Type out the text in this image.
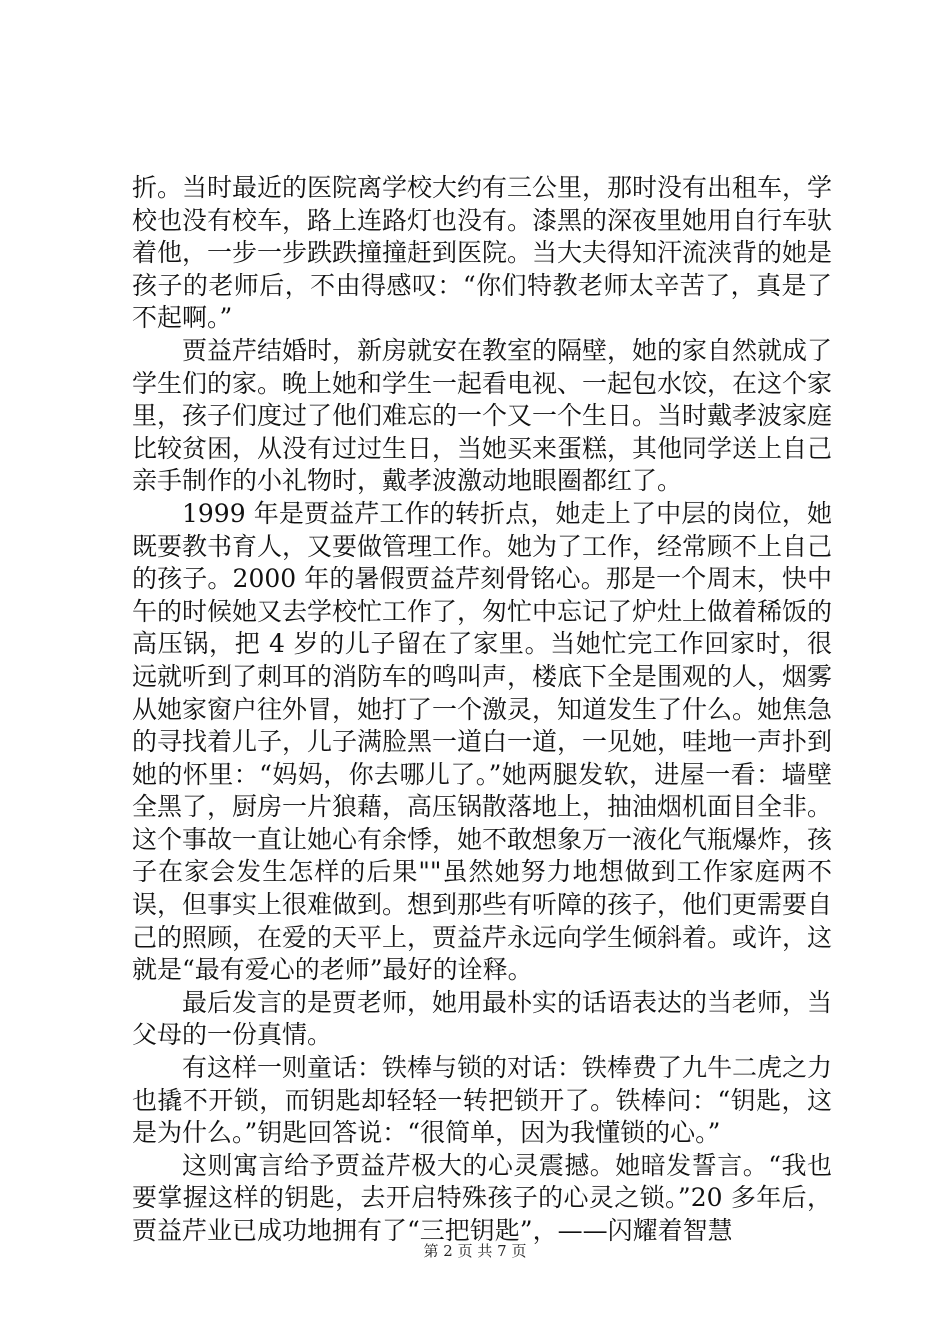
折。当时最近的医院离学校大约有三公里，那时没有出租车，学校也没有校车，路上连路灯也没有。漆黑的深夜里她用自行车驮着他，一步一步跌跌撞撞赶到医院。当大夫得知汗流浃背的她是孩子的老师后，不由得感叹：“你们特教老师太辛苦了，真是了不起啊。”

贾益芹结婚时，新房就安在教室的隔壁，她的家自然就成了学生们的家。晚上她和学生一起看电视、一起包水饺，在这个家里，孩子们度过了他们难忘的一个又一个生日。当时戴孝波家庭比较贫困，从没有过过生日，当她买来蛋糕，其他同学送上自己亲手制作的小礼物时，戴孝波激动地眼圈都红了。

1999 年是贾益芹工作的转折点，她走上了中层的岗位，她既要教书育人，又要做管理工作。她为了工作，经常顾不上自己的孩子。2000 年的暑假贾益芹刻骨铭心。那是一个周末，快中午的时候她又去学校忙工作了，匆忙中忘记了炉灶上做着稀饭的高压锅，把 4 岁的儿子留在了家里。当她忙完工作回家时，很远就听到了刺耳的消防车的鸣叫声，楼底下全是围观的人，烟雾从她家窗户往外冒，她打了一个激灵，知道发生了什么。她焦急的寻找着儿子，儿子满脸黑一道白一道，一见她，哇地一声扑到她的怀里：“妈妈，你去哪儿了。”她两腿发软，进屋一看：墙壁全黑了，厨房一片狼藉，高压锅散落地上，抽油烟机面目全非。这个事故一直让她心有余悸，她不敢想象万一液化气瓶爆炸，孩子在家会发生怎样的后果""虽然她努力地想做到工作家庭两不误，但事实上很难做到。想到那些有听障的孩子，他们更需要自己的照顾，在爱的天平上，贾益芹永远向学生倾斜着。或许，这就是“最有爱心的老师”最好的诠释。

最后发言的是贾老师，她用最朴实的话语表达的当老师，当父母的一份真情。

有这样一则童话：铁棒与锁的对话：铁棒费了九牛二虎之力也撬不开锁，而钥匙却轻轻一转把锁开了。铁棒问：“钥匙，这是为什么。”钥匙回答说：“很简单，因为我懂锁的心。”

这则寓言给予贾益芹极大的心灵震撼。她暗发誓言。“我也要掌握这样的钥匙，去开启特殊孩子的心灵之锁。”20 多年后，贾益芹业已成功地拥有了“三把钥匙”，——闪耀着智慧

第 2 页 共 7 页
